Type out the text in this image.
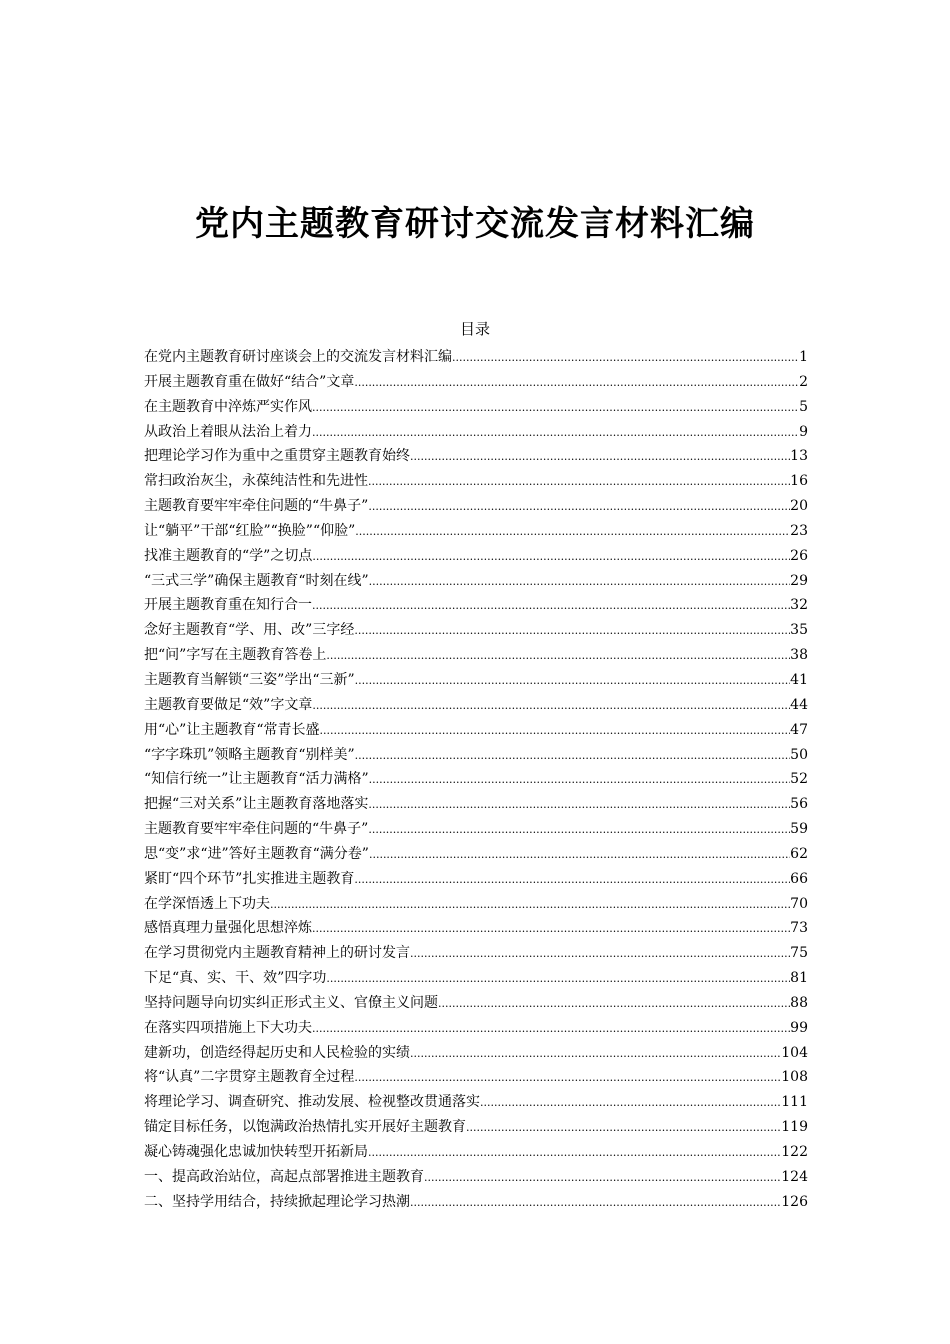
党内主题教育研讨交流发言材料汇编
目录
在党内主题教育研讨座谈会上的交流发言材料汇编 .....	1
开展主题教育重在做好“结合”文章 .....	2
在主题教育中淬炼严实作风 .....	5
从政治上着眼从法治上着力 .....	9
把理论学习作为重中之重贯穿主题教育始终 .....	13
常扫政治灰尘，永葆纯洁性和先进性 .....	16
主题教育要牢牢牵住问题的“牛鼻子” .....	20
让“躺平”干部“红脸”“换脸”“仰脸” .....	23
找准主题教育的“学”之切点 .....	26
“三式三学”确保主题教育“时刻在线” .....	29
开展主题教育重在知行合一 .....	32
念好主题教育“学、用、改”三字经 .....	35
把“问”字写在主题教育答卷上 .....	38
主题教育当解锁“三姿”学出“三新” .....	41
主题教育要做足“效”字文章 .....	44
用“心”让主题教育“常青长盛 .....	47
“字字珠玑”领略主题教育“别样美” .....	50
“知信行统一”让主题教育“活力满格” .....	52
把握“三对关系”让主题教育落地落实 .....	56
主题教育要牢牢牵住问题的“牛鼻子” .....	59
思“变”求“进”答好主题教育“满分卷” .....	62
紧盯“四个环节”扎实推进主题教育 .....	66
在学深悟透上下功夫 .....	70
感悟真理力量强化思想淬炼 .....	73
在学习贯彻党内主题教育精神上的研讨发言 .....	75
下足“真、实、干、效”四字功 .....	81
坚持问题导向切实纠正形式主义、官僚主义问题 .....	88
在落实四项措施上下大功夫 .....	99
建新功，创造经得起历史和人民检验的实绩 .....	104
将“认真”二字贯穿主题教育全过程 .....	108
将理论学习、调查研究、推动发展、检视整改贯通落实 .....	111
锚定目标任务，以饱满政治热情扎实开展好主题教育 .....	119
凝心铸魂强化忠诚加快转型开拓新局 .....	122
一、提高政治站位，高起点部署推进主题教育 .....	124
二、坚持学用结合，持续掀起理论学习热潮 .....	126
